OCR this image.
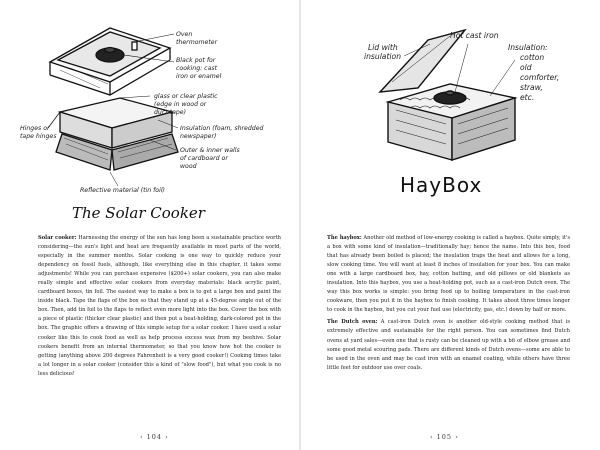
Oven thermometer
Black pot for cooking: cast iron or enamel
glass or clear plastic (edge in wood or duct tape)
Hinges or tape hinges
Insulation (foam, shredded newspaper)
Outer & inner walls of cardboard or wood
Reflective material (tin foil)
The Solar Cooker

Solar cooker: Harnessing the energy of the sun has long been a sustainable practice worth considering—the sun's light and heat are frequently available in most parts of the world, especially in the summer months. Solar cooking is one way to quickly reduce your dependency on fossil fuels, although, like everything else in this chapter, it takes some adjustments! While you can purchase expensive ($200+) solar cookers, you can also make really simple and effective solar cookers from everyday materials: black acrylic paint, cardboard boxes, tin foil. The easiest way to make a box is to get a large box and paint the inside black. Tape the flaps of the box so that they stand up at a 45-degree angle out of the box. Then, add tin foil to the flaps to reflect even more light into the box. Cover the box with a piece of plastic (thicker clear plastic) and then put a heat-holding, dark-colored pot in the box. The graphic offers a drawing of this simple setup for a solar cooker. I have used a solar cooker like this to cook food as well as help process excess wax from my beehive. Solar cookers benefit from an internal thermometer, so that you know how hot the cooker is getting (anything above 200 degrees Fahrenheit is a very good cooker!) Cooking times take a lot longer in a solar cooker (consider this a kind of "slow food"), but what you cook is no less delicious!

‹ 104 ›
Lid with insulation
Hot cast iron
Insulation: cotton old comforter, straw, etc.
HayBox

The haybox: Another old method of low-energy cooking is called a haybox. Quite simply, it's a box with some kind of insulation—traditionally hay; hence the name. Into this box, food that has already been boiled is placed; the insulation traps the heat and allows for a long, slow cooking time. You will want at least 8 inches of insulation for your box. You can make one with a large cardboard box, hay, cotton batting, and old pillows or old blankets as insulation. Into this haybox, you use a heat-holding pot, such as a cast-iron Dutch oven. The way this box works is simple: you bring food up to boiling temperature in the cast-iron cookware, then you put it in the haybox to finish cooking. It takes about three times longer to cook in the haybox, but you cut your fuel use (electricity, gas, etc.) down by half or more.

The Dutch oven: A cast-iron Dutch oven is another old-style cooking method that is extremely effective and sustainable for the right person. You can sometimes find Dutch ovens at yard sales—even one that is rusty can be cleaned up with a bit of elbow grease and some good metal scouring pads. There are different kinds of Dutch ovens—some are able to be used in the oven and may be cast iron with an enamel coating, while others have three little feet for outdoor use over coals.

‹ 105 ›
